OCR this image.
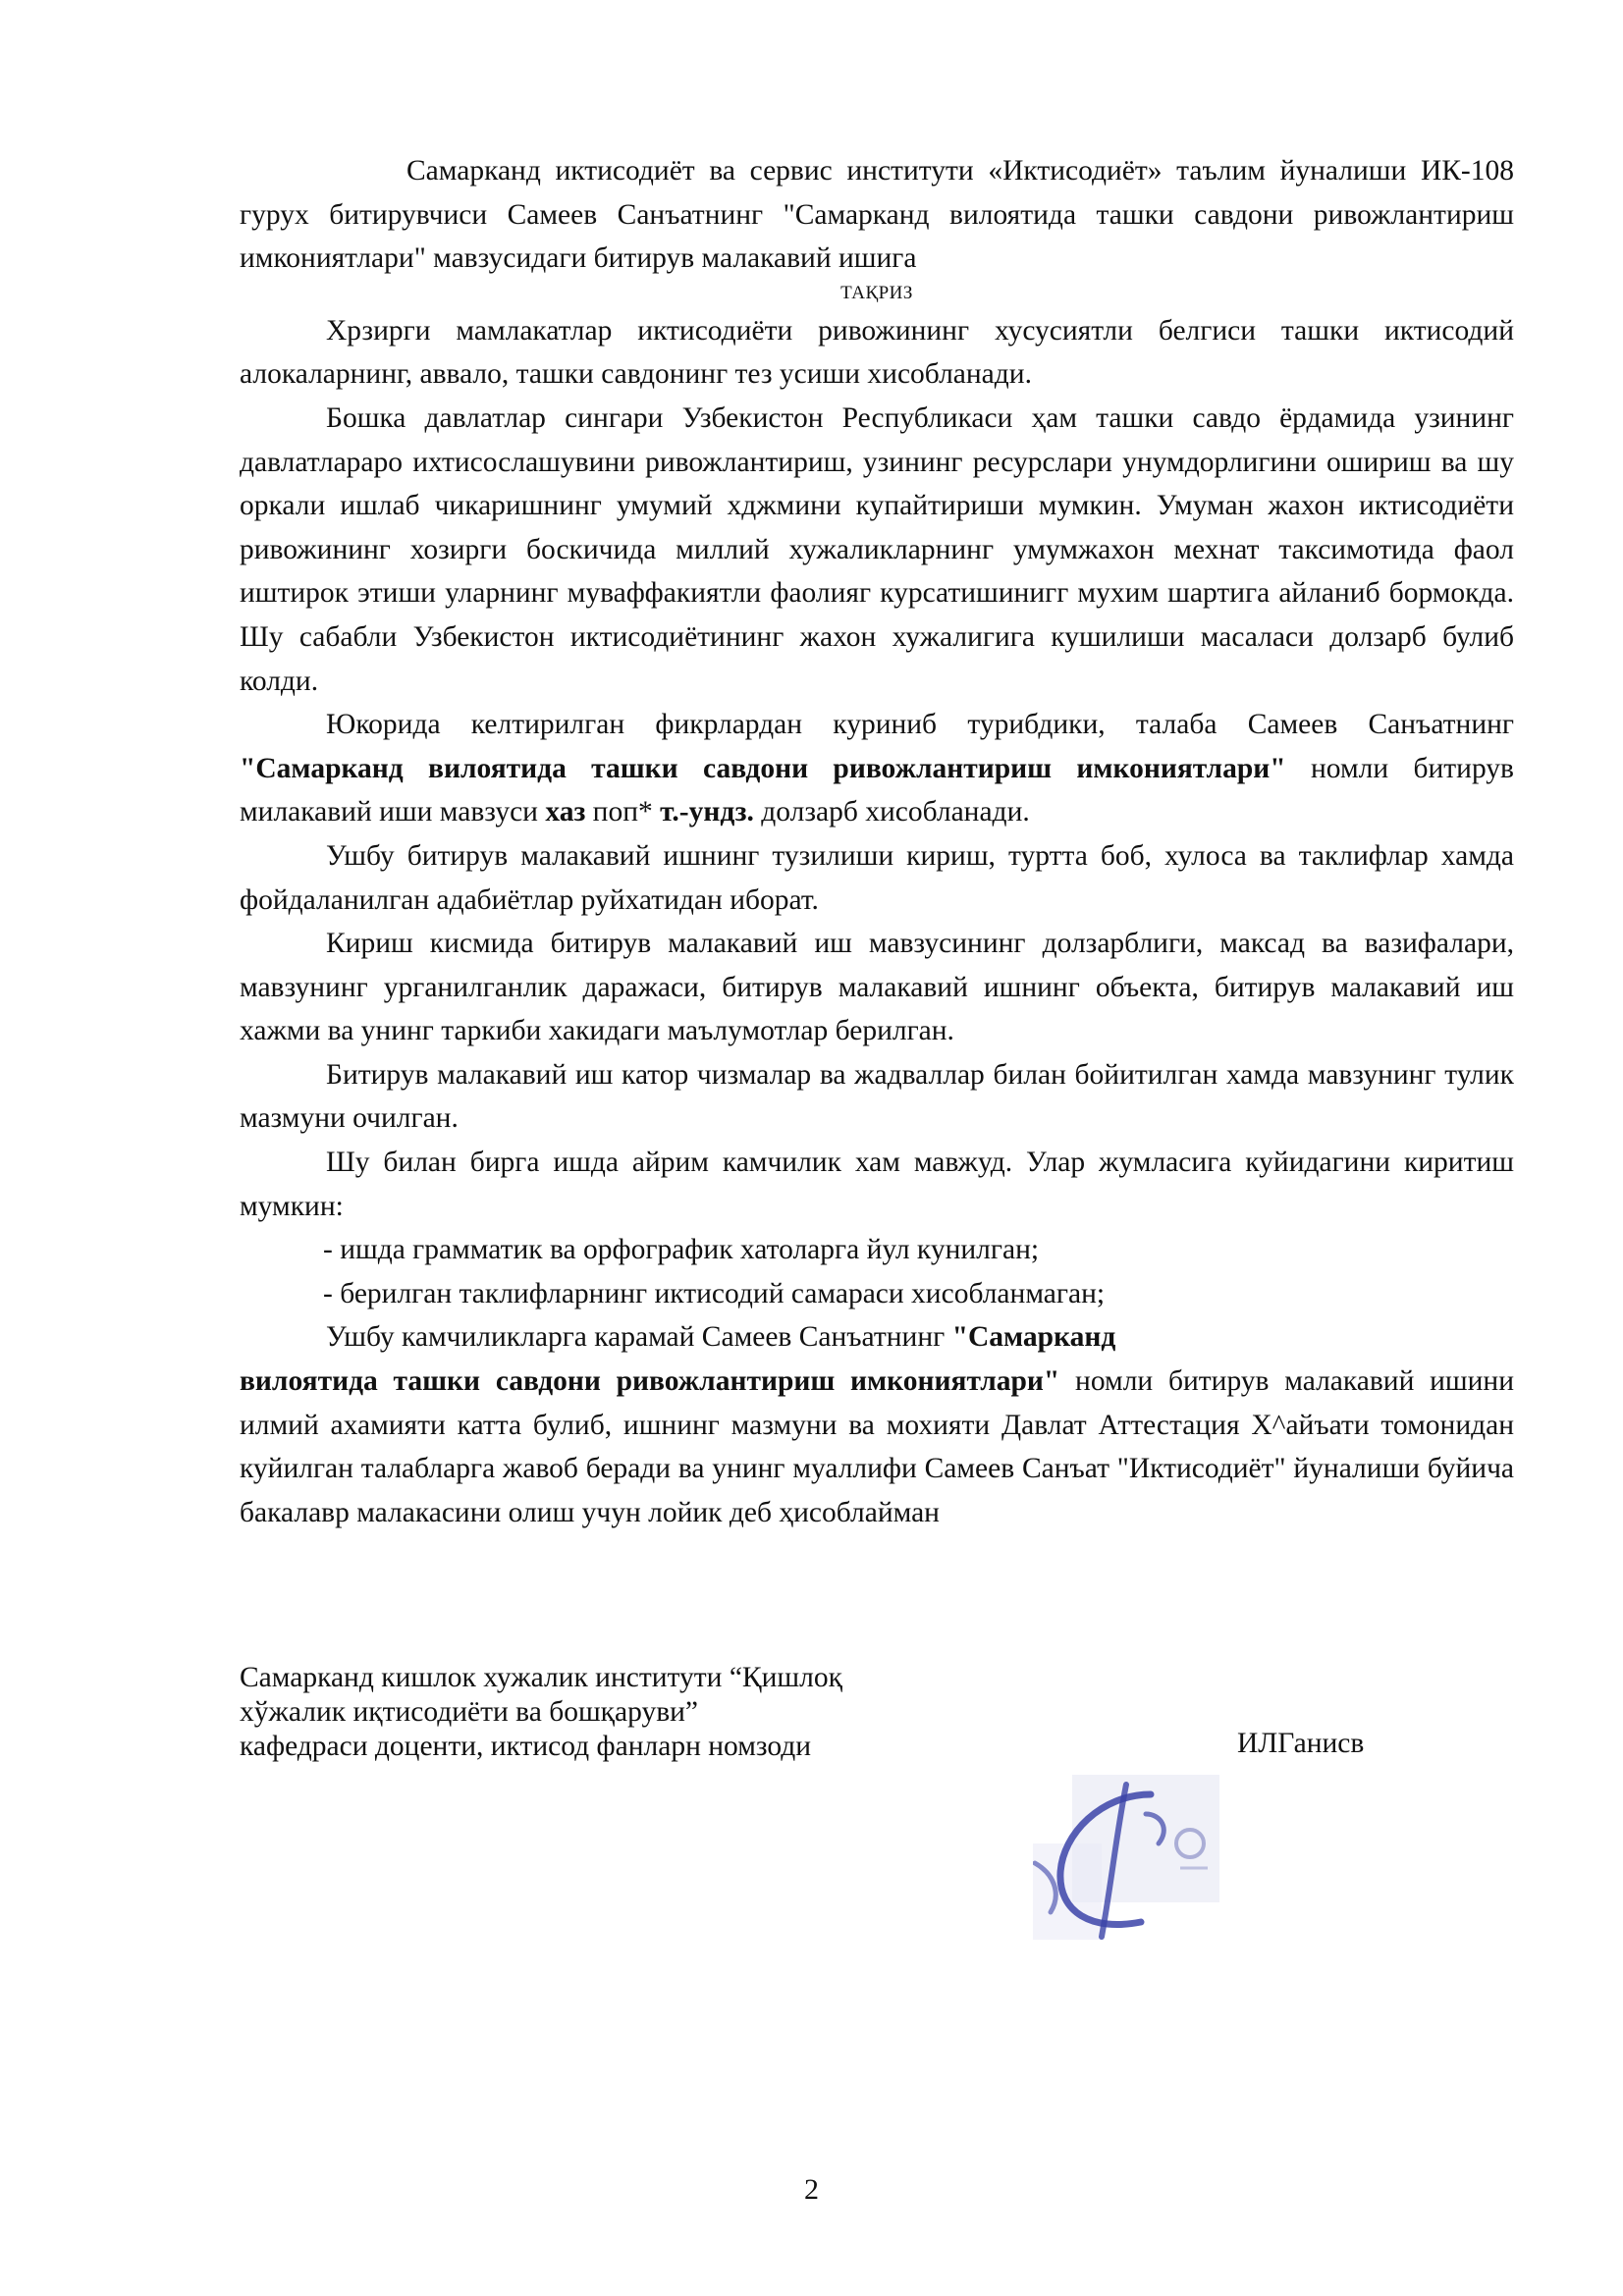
Самарканд иктисодиёт ва сервис институти «Иктисодиёт» таълим йуналиши ИК-108 гурух битирувчиси Самеев Санъатнинг "Самарканд вилоятида ташки савдони ривожлантириш имкониятлари" мавзусидаги битирув малакавий ишига

ТАҚРИЗ

Хрзирги мамлакатлар иктисодиёти ривожининг хусусиятли белгиси ташки иктисодий алокаларнинг, аввало, ташки савдонинг тез усиши хисобланади.

Бошка давлатлар сингари Узбекистон Республикаси ҳам ташки савдо ёрдамида узининг давлатлараро ихтисослашувини ривожлантириш, узининг ресурслари унумдорлигини ошириш ва шу оркали ишлаб чикаришнинг умумий хджмини купайтириши мумкин. Умуман жахон иктисодиёти ривожининг хозирги боскичида миллий хужаликларнинг умумжахон мехнат таксимотида фаол иштирок этиши уларнинг муваффакиятли фаолияг курсатишинигг мухим шартига айланиб бормокда. Шу сабабли Узбекистон иктисодиётининг жахон хужалигига кушилиши масаласи долзарб булиб колди.

Юкорида келтирилган фикрлардан куриниб турибдики, талаба Самеев Санъатнинг "Самарканд вилоятида ташки савдони ривожлантириш имкониятлари" номли битирув милакавий иши мавзуси хаз поп* т.-ундз. долзарб хисобланади.

Ушбу битирув малакавий ишнинг тузилиши кириш, туртта боб, хулоса ва таклифлар хамда фойдаланилган адабиётлар руйхатидан иборат.

Кириш кисмида битирув малакавий иш мавзусининг долзарблиги, максад ва вазифалари, мавзунинг урганилганлик даражаси, битирув малакавий ишнинг объекта, битирув малакавий иш хажми ва унинг таркиби хакидаги маълумотлар берилган.

Битирув малакавий иш катор чизмалар ва жадваллар билан бойитилган хамда мавзунинг тулик мазмуни очилган.

Шу билан бирга ишда айрим камчилик хам мавжуд. Улар жумласига куйидагини киритиш мумкин:

- ишда грамматик ва орфографик хатоларга йул кунилган;

- берилган таклифларнинг иктисодий самараси хисобланмаган;

Ушбу камчиликларга карамай Самеев Санъатнинг "Самарканд

вилоятида ташки савдони ривожлантириш имкониятлари" номли битирув малакавий ишини илмий ахамияти катта булиб, ишнинг мазмуни ва мохияти Давлат Аттестация Х^айъати томонидан куйилган талабларга жавоб беради ва унинг муаллифи Самеев Санъат "Иктисодиёт" йуналиши буйича бакалавр малакасини олиш учун лойик деб ҳисоблайман

Самарканд кишлок хужалик институти “Қишлоқ
хўжалик иқтисодиёти ва бошқаруви”
кафедраси доценти, иктисод фанларн номзоди	ИЛГанисв
2
